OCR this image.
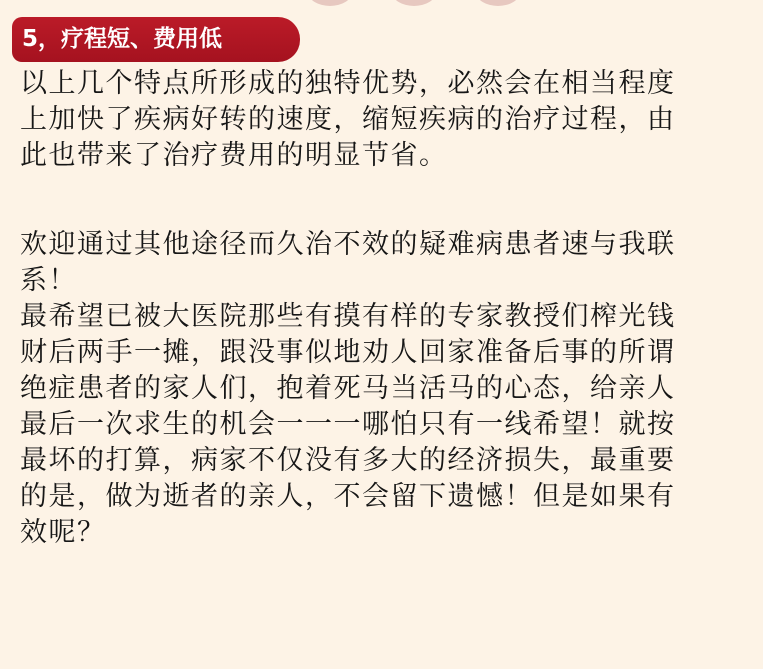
5，疗程短、费用低

以上几个特点所形成的独特优势，必然会在相当程度

上加快了疾病好转的速度，缩短疾病的治疗过程，由

此也带来了治疗费用的明显节省。

欢迎通过其他途径而久治不效的疑难病患者速与我联

系！

最希望已被大医院那些有摸有样的专家教授们榨光钱

财后两手一摊，跟没事似地劝人回家准备后事的所谓

绝症患者的家人们，抱着死马当活马的心态，给亲人

最后一次求生的机会一一一哪怕只有一线希望！就按

最坏的打算，病家不仅没有多大的经济损失，最重要

的是，做为逝者的亲人，不会留下遗憾！但是如果有

效呢？
